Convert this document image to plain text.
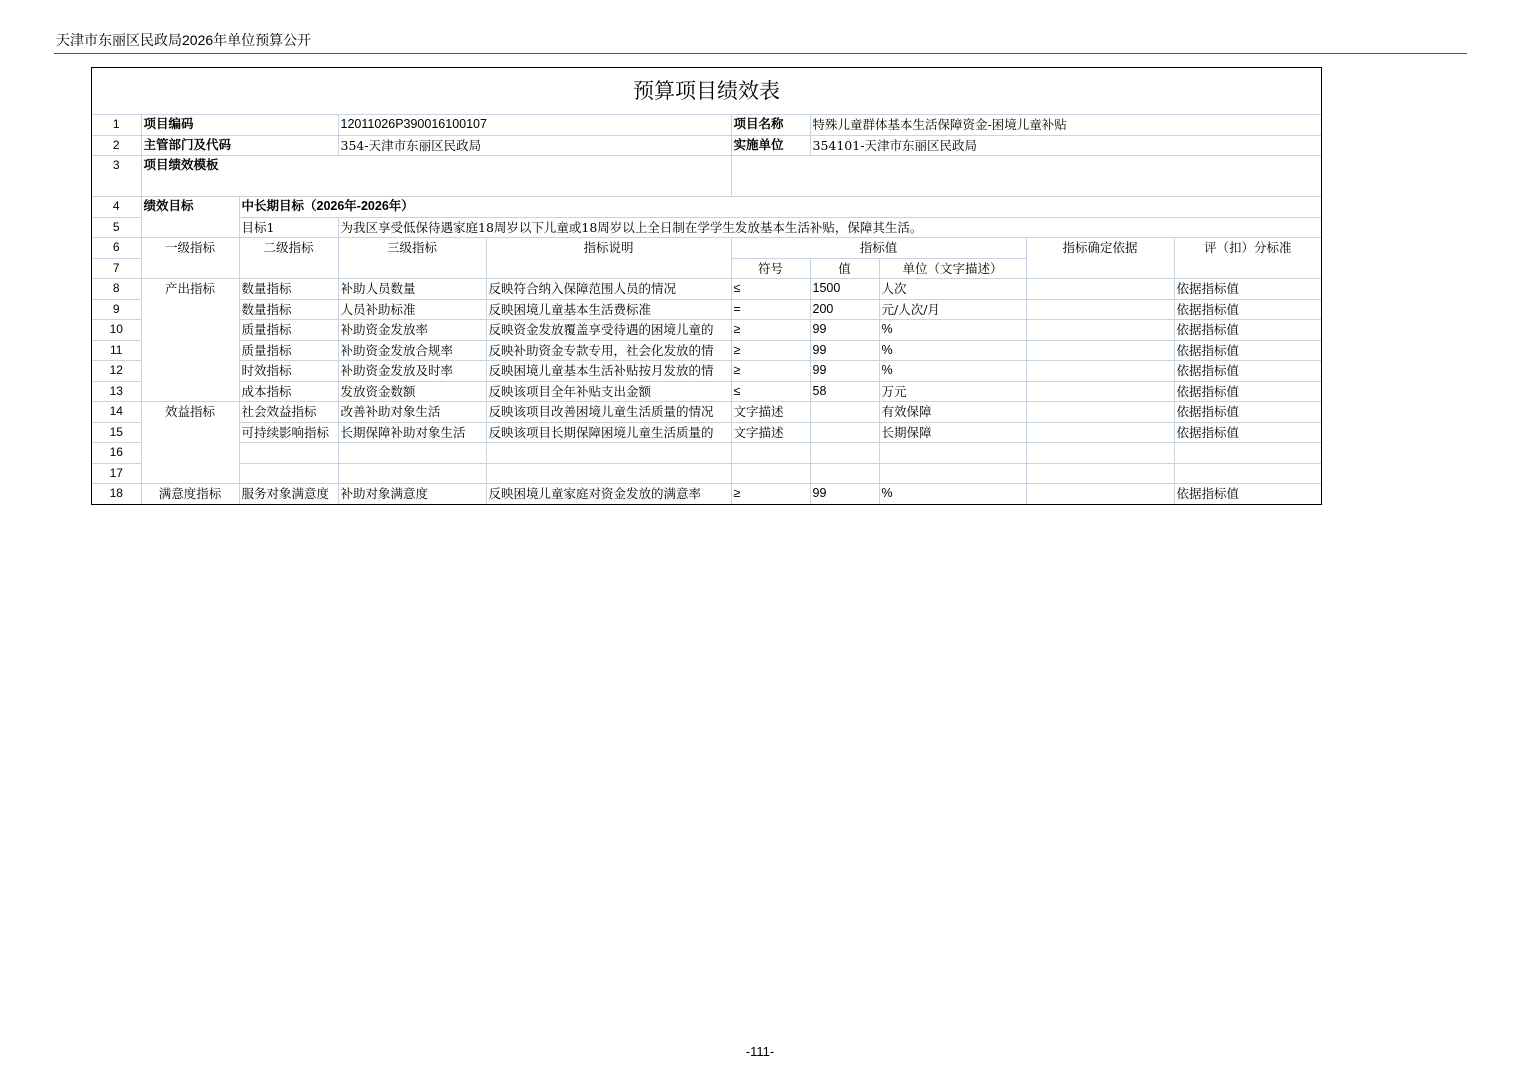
天津市东丽区民政局2026年单位预算公开
预算项目绩效表									
1	项目编码		12011026P390016100107		项目名称	特殊儿童群体基本生活保障资金-困境儿童补贴			
2	主管部门及代码		354-天津市东丽区民政局		实施单位	354101-天津市东丽区民政局			
3	项目绩效模板								
4	绩效目标	中长期目标（2026年-2026年）							
5		目标1	为我区享受低保待遇家庭18周岁以下儿童或18周岁以上全日制在学学生发放基本生活补贴，保障其生活。						
6	一级指标	二级指标	三级指标	指标说明	指标值			指标确定依据	评（扣）分标准
7					符号	值	单位（文字描述）		
8	产出指标	数量指标	补助人员数量	反映符合纳入保障范围人员的情况	≤	1500	人次		依据指标值
9		数量指标	人员补助标准	反映困境儿童基本生活费标准	=	200	元/人次/月		依据指标值
10		质量指标	补助资金发放率	反映资金发放覆盖享受待遇的困境儿童的	≥	99	%		依据指标值
11		质量指标	补助资金发放合规率	反映补助资金专款专用，社会化发放的情	≥	99	%		依据指标值
12		时效指标	补助资金发放及时率	反映困境儿童基本生活补贴按月发放的情	≥	99	%		依据指标值
13		成本指标	发放资金数额	反映该项目全年补贴支出金额	≤	58	万元		依据指标值
14	效益指标	社会效益指标	改善补助对象生活	反映该项目改善困境儿童生活质量的情况	文字描述		有效保障		依据指标值
15		可持续影响指标	长期保障补助对象生活	反映该项目长期保障困境儿童生活质量的	文字描述		长期保障		依据指标值
16									
17									
18	满意度指标	服务对象满意度	补助对象满意度	反映困境儿童家庭对资金发放的满意率	≥	99	%		依据指标值
-111-
